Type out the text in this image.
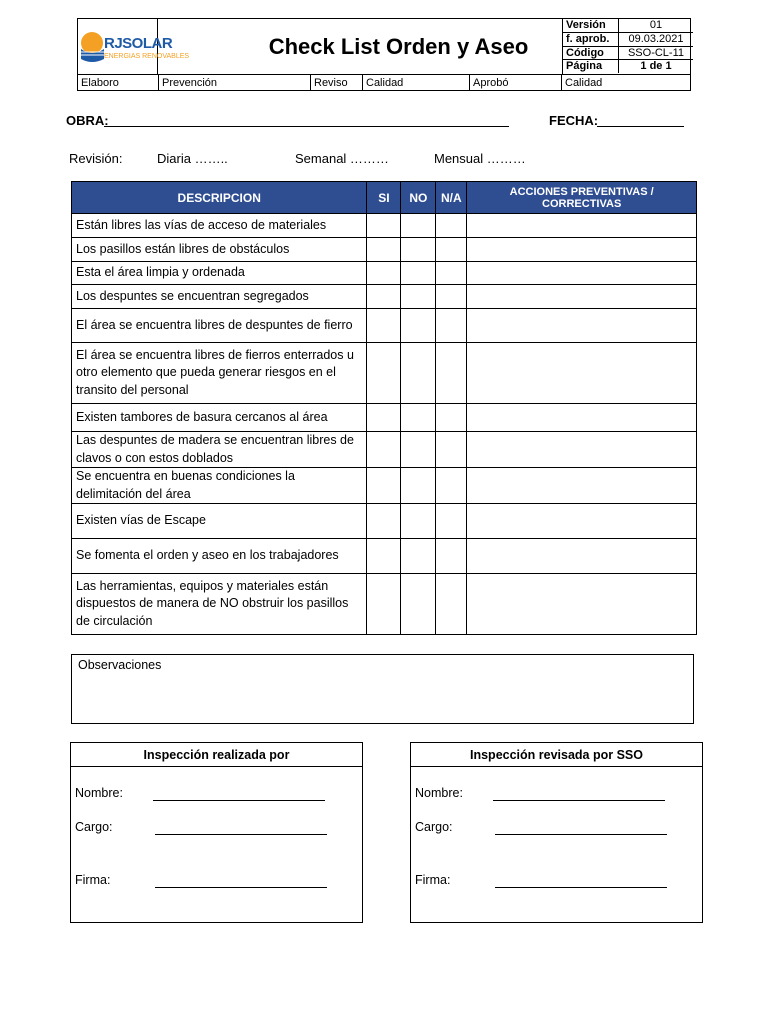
RJSOLAR
ENERGIAS RENOVABLES	Check List Orden y Aseo
Versión	01
f. aprob.	09.03.2021
Código	SSO-CL-11
Página	1 de 1
Elaboro	Prevención	Reviso	Calidad	Aprobó	Calidad
OBRA:	FECHA:
Revisión:	Diaria ……..	Semanal ………	Mensual ………
DESCRIPCION	SI	NO	N/A	ACCIONES PREVENTIVAS / CORRECTIVAS
Están libres las vías de acceso de materiales				
Los pasillos están libres de obstáculos				
Esta el área limpia y ordenada				
Los despuntes se encuentran segregados				
El área se encuentra libres de despuntes de fierro				
El área se encuentra libres de fierros enterrados u otro elemento que pueda generar riesgos en el transito del personal				
Existen tambores de basura cercanos al área				
Las despuntes de madera se encuentran libres de clavos o con estos doblados				
Se encuentra en buenas condiciones la delimitación del área				
Existen vías de Escape				
Se fomenta el orden y aseo en los trabajadores				
Las herramientas, equipos y materiales están dispuestos de manera de NO obstruir los pasillos de circulación				
Observaciones
Inspección realizada por
Nombre:
Cargo:
Firma:
Inspección revisada por SSO
Nombre:
Cargo:
Firma:
